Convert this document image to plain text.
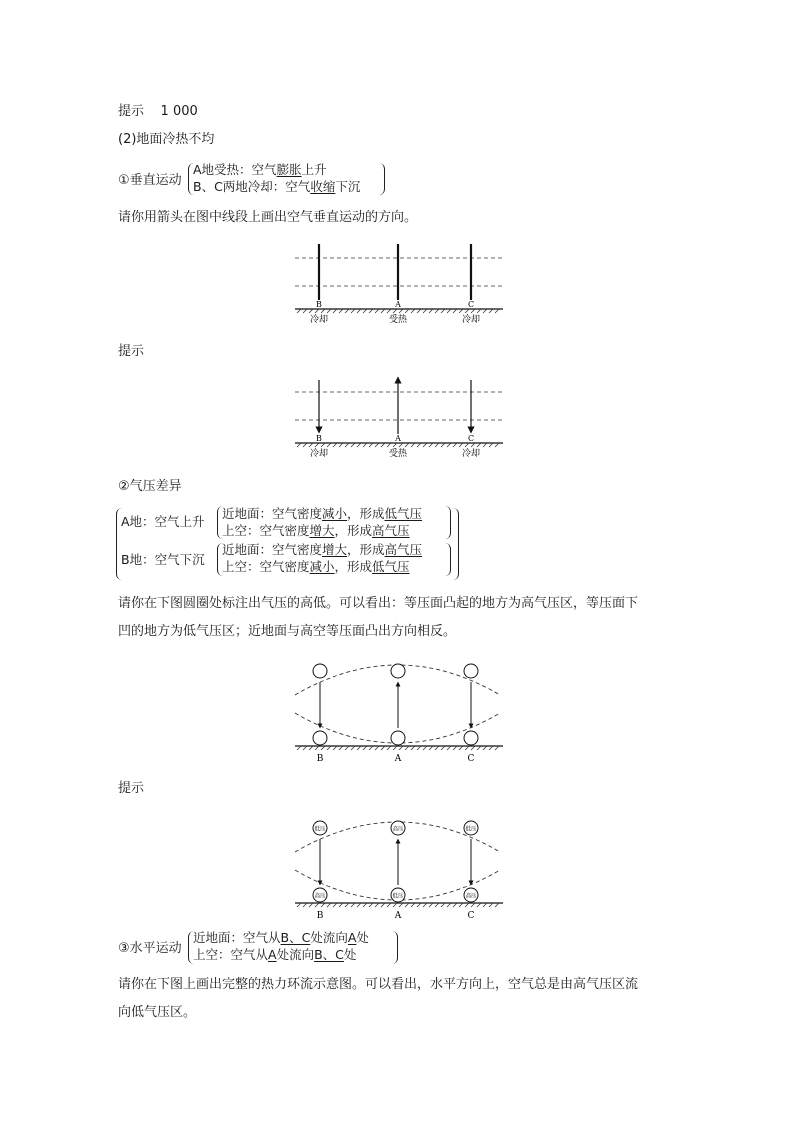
提示 1 000
(2)地面冷热不均
①垂直运动
A地受热：空气膨胀上升
B、C两地冷却：空气收缩下沉
请你用箭头在图中线段上画出空气垂直运动的方向。
B	A	C
冷却	受热	冷却
提示
B	A	C
冷却	受热	冷却
②气压差异
A地：空气上升
近地面：空气密度减小，形成低气压
上空：空气密度增大，形成高气压
B地：空气下沉
近地面：空气密度增大，形成高气压
上空：空气密度减小，形成低气压
请你在下图圆圈处标注出气压的高低。可以看出：等压面凸起的地方为高气压区，等压面下
凹的地方为低气压区；近地面与高空等压面凸出方向相反。
B	A	C
提示
低压	高压	低压
高压	低压	高压
B	A	C
③水平运动
近地面：空气从B、C处流向A处
上空：空气从A处流向B、C处
请你在下图上画出完整的热力环流示意图。可以看出，水平方向上，空气总是由高气压区流
向低气压区。
